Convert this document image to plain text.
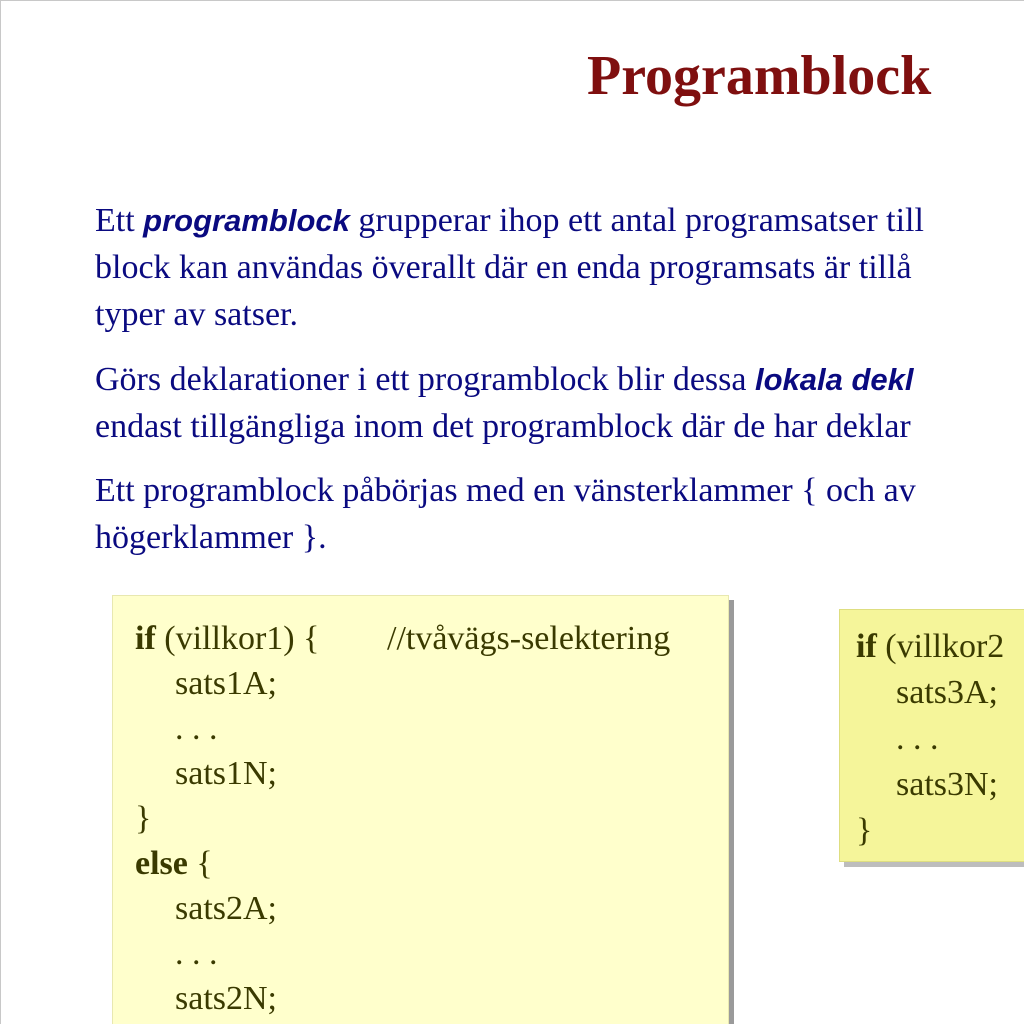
Programblock
Ett programblock grupperar ihop ett antal programsatser till
block kan användas överallt där en enda programsats är tillå
typer av satser.
Görs deklarationer i ett programblock blir dessa lokala dekl
endast tillgängliga inom det programblock där de har deklar
Ett programblock påbörjas med en vänsterklammer { och av
högerklammer }.
if (villkor1) { //tvåvägs-selektering
sats1A;
. . .
sats1N;
}
else {
sats2A;
. . .
sats2N;
if (villkor2
sats3A;
. . .
sats3N;
}
